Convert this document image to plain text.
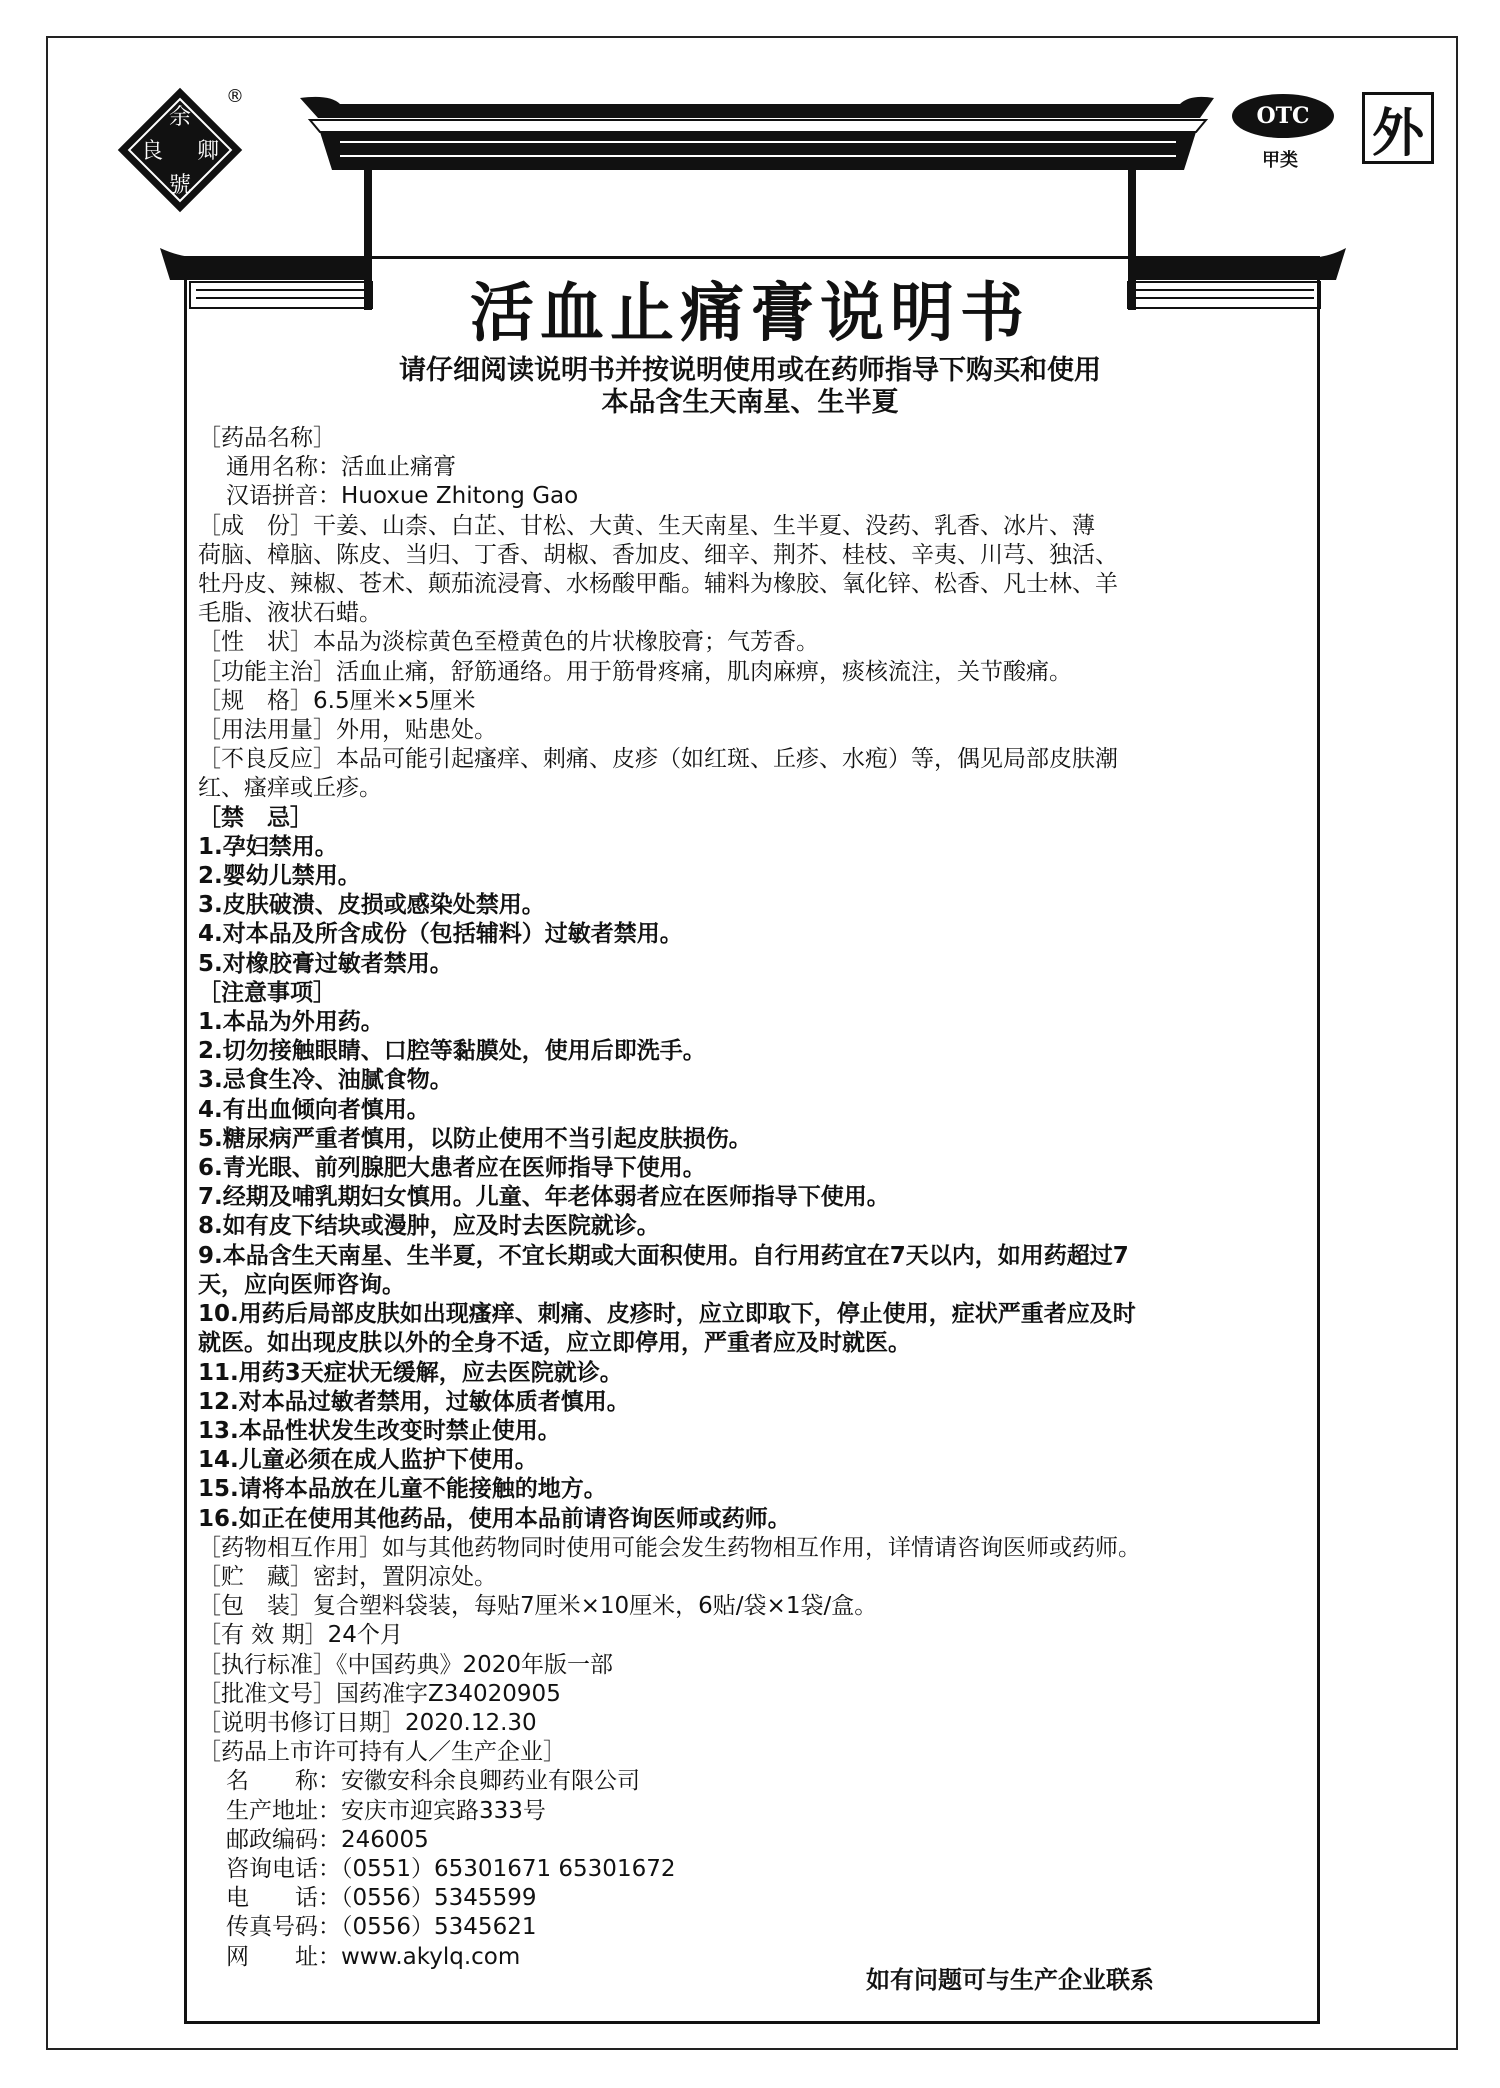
余
良 卿
號
®
OTC
甲类 外
活血止痛膏说明书
请仔细阅读说明书并按说明使用或在药师指导下购买和使用
本品含生天南星、生半夏

［药品名称］

通用名称：活血止痛膏

汉语拼音：Huoxue Zhitong Gao

［成　份］干姜、山柰、白芷、甘松、大黄、生天南星、生半夏、没药、乳香、冰片、薄

荷脑、樟脑、陈皮、当归、丁香、胡椒、香加皮、细辛、荆芥、桂枝、辛夷、川芎、独活、

牡丹皮、辣椒、苍术、颠茄流浸膏、水杨酸甲酯。辅料为橡胶、氧化锌、松香、凡士林、羊

毛脂、液状石蜡。

［性　状］本品为淡棕黄色至橙黄色的片状橡胶膏；气芳香。

［功能主治］活血止痛，舒筋通络。用于筋骨疼痛，肌肉麻痹，痰核流注，关节酸痛。

［规　格］6.5厘米×5厘米

［用法用量］外用，贴患处。

［不良反应］本品可能引起瘙痒、刺痛、皮疹（如红斑、丘疹、水疱）等，偶见局部皮肤潮

红、瘙痒或丘疹。

［禁　忌］

1.孕妇禁用。

2.婴幼儿禁用。

3.皮肤破溃、皮损或感染处禁用。

4.对本品及所含成份（包括辅料）过敏者禁用。

5.对橡胶膏过敏者禁用。

［注意事项］

1.本品为外用药。

2.切勿接触眼睛、口腔等黏膜处，使用后即洗手。

3.忌食生冷、油腻食物。

4.有出血倾向者慎用。

5.糖尿病严重者慎用，以防止使用不当引起皮肤损伤。

6.青光眼、前列腺肥大患者应在医师指导下使用。

7.经期及哺乳期妇女慎用。儿童、年老体弱者应在医师指导下使用。

8.如有皮下结块或漫肿，应及时去医院就诊。

9.本品含生天南星、生半夏，不宜长期或大面积使用。自行用药宜在7天以内，如用药超过7

天，应向医师咨询。

10.用药后局部皮肤如出现瘙痒、刺痛、皮疹时，应立即取下，停止使用，症状严重者应及时

就医。如出现皮肤以外的全身不适，应立即停用，严重者应及时就医。

11.用药3天症状无缓解，应去医院就诊。

12.对本品过敏者禁用，过敏体质者慎用。

13.本品性状发生改变时禁止使用。

14.儿童必须在成人监护下使用。

15.请将本品放在儿童不能接触的地方。

16.如正在使用其他药品，使用本品前请咨询医师或药师。

［药物相互作用］如与其他药物同时使用可能会发生药物相互作用，详情请咨询医师或药师。

［贮　藏］密封，置阴凉处。

［包　装］复合塑料袋装，每贴7厘米×10厘米，6贴/袋×1袋/盒。

［有 效 期］24个月

［执行标准］《中国药典》2020年版一部

［批准文号］国药准字Z34020905

［说明书修订日期］2020.12.30

［药品上市许可持有人／生产企业］

名　　称：安徽安科余良卿药业有限公司

生产地址：安庆市迎宾路333号

邮政编码：246005

咨询电话：（0551）65301671 65301672

电　　话：（0556）5345599

传真号码：（0556）5345621

网　　址：www.akylq.com

如有问题可与生产企业联系
